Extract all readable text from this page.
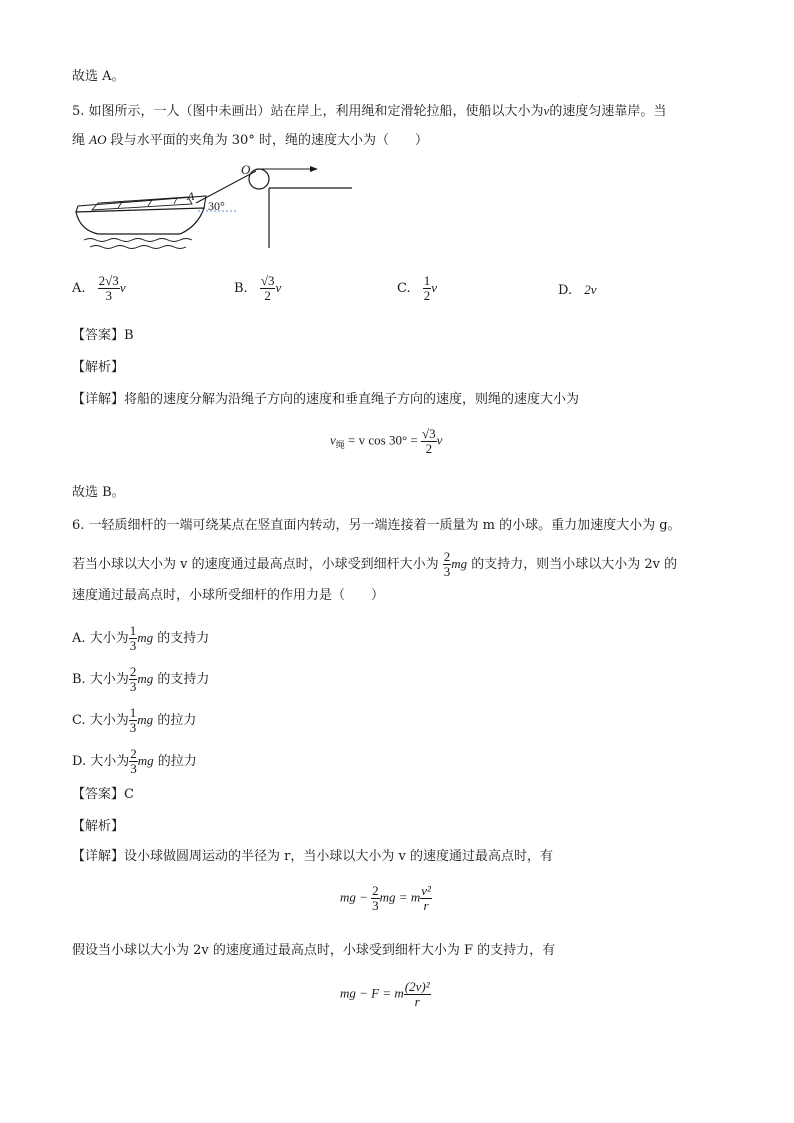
故选 A。
5. 如图所示，一人（图中未画出）站在岸上，利用绳和定滑轮拉船，使船以大小为v的速度匀速靠岸。当
绳 AO 段与水平面的夹角为 30° 时，绳的速度大小为（　　）
O
A
30°
A. $\frac{2√3}{3}$ v	B. $\frac{√3}{2}$ v	C. $\frac{1}{2}$ v	D. 2v
【答案】B
【解析】
【详解】将船的速度分解为沿绳子方向的速度和垂直绳子方向的速度，则绳的速度大小为
$v_绳 = v$ $\cos 30^\circ = \frac{√3}{2}$ v
故选 B。
6. 一轻质细杆的一端可绕某点在竖直面内转动，另一端连接着一质量为 m 的小球。重力加速度大小为 g。
若当小球以大小为 v 的速度通过最高点时，小球受到细杆大小为 $\frac{2}{3}$ mg 的支持力，则当小球以大小为 2v 的
速度通过最高点时，小球所受细杆的作用力是（　　）
A. 大小为 $\frac{1}{3}$ mg 的支持力
B. 大小为 $\frac{2}{3}$ mg 的支持力
C. 大小为 $\frac{1}{3}$ mg 的拉力
D. 大小为 $\frac{2}{3}$ mg 的拉力
【答案】C
【解析】
【详解】设小球做圆周运动的半径为 r，当小球以大小为 v 的速度通过最高点时，有
mg − $\frac{2}{3}$ mg = m $\frac{\text{v²}}{r}$
假设当小球以大小为 2v 的速度通过最高点时，小球受到细杆大小为 F 的支持力，有
mg − F = m $\frac{\text{(2v)²}}{r}$
